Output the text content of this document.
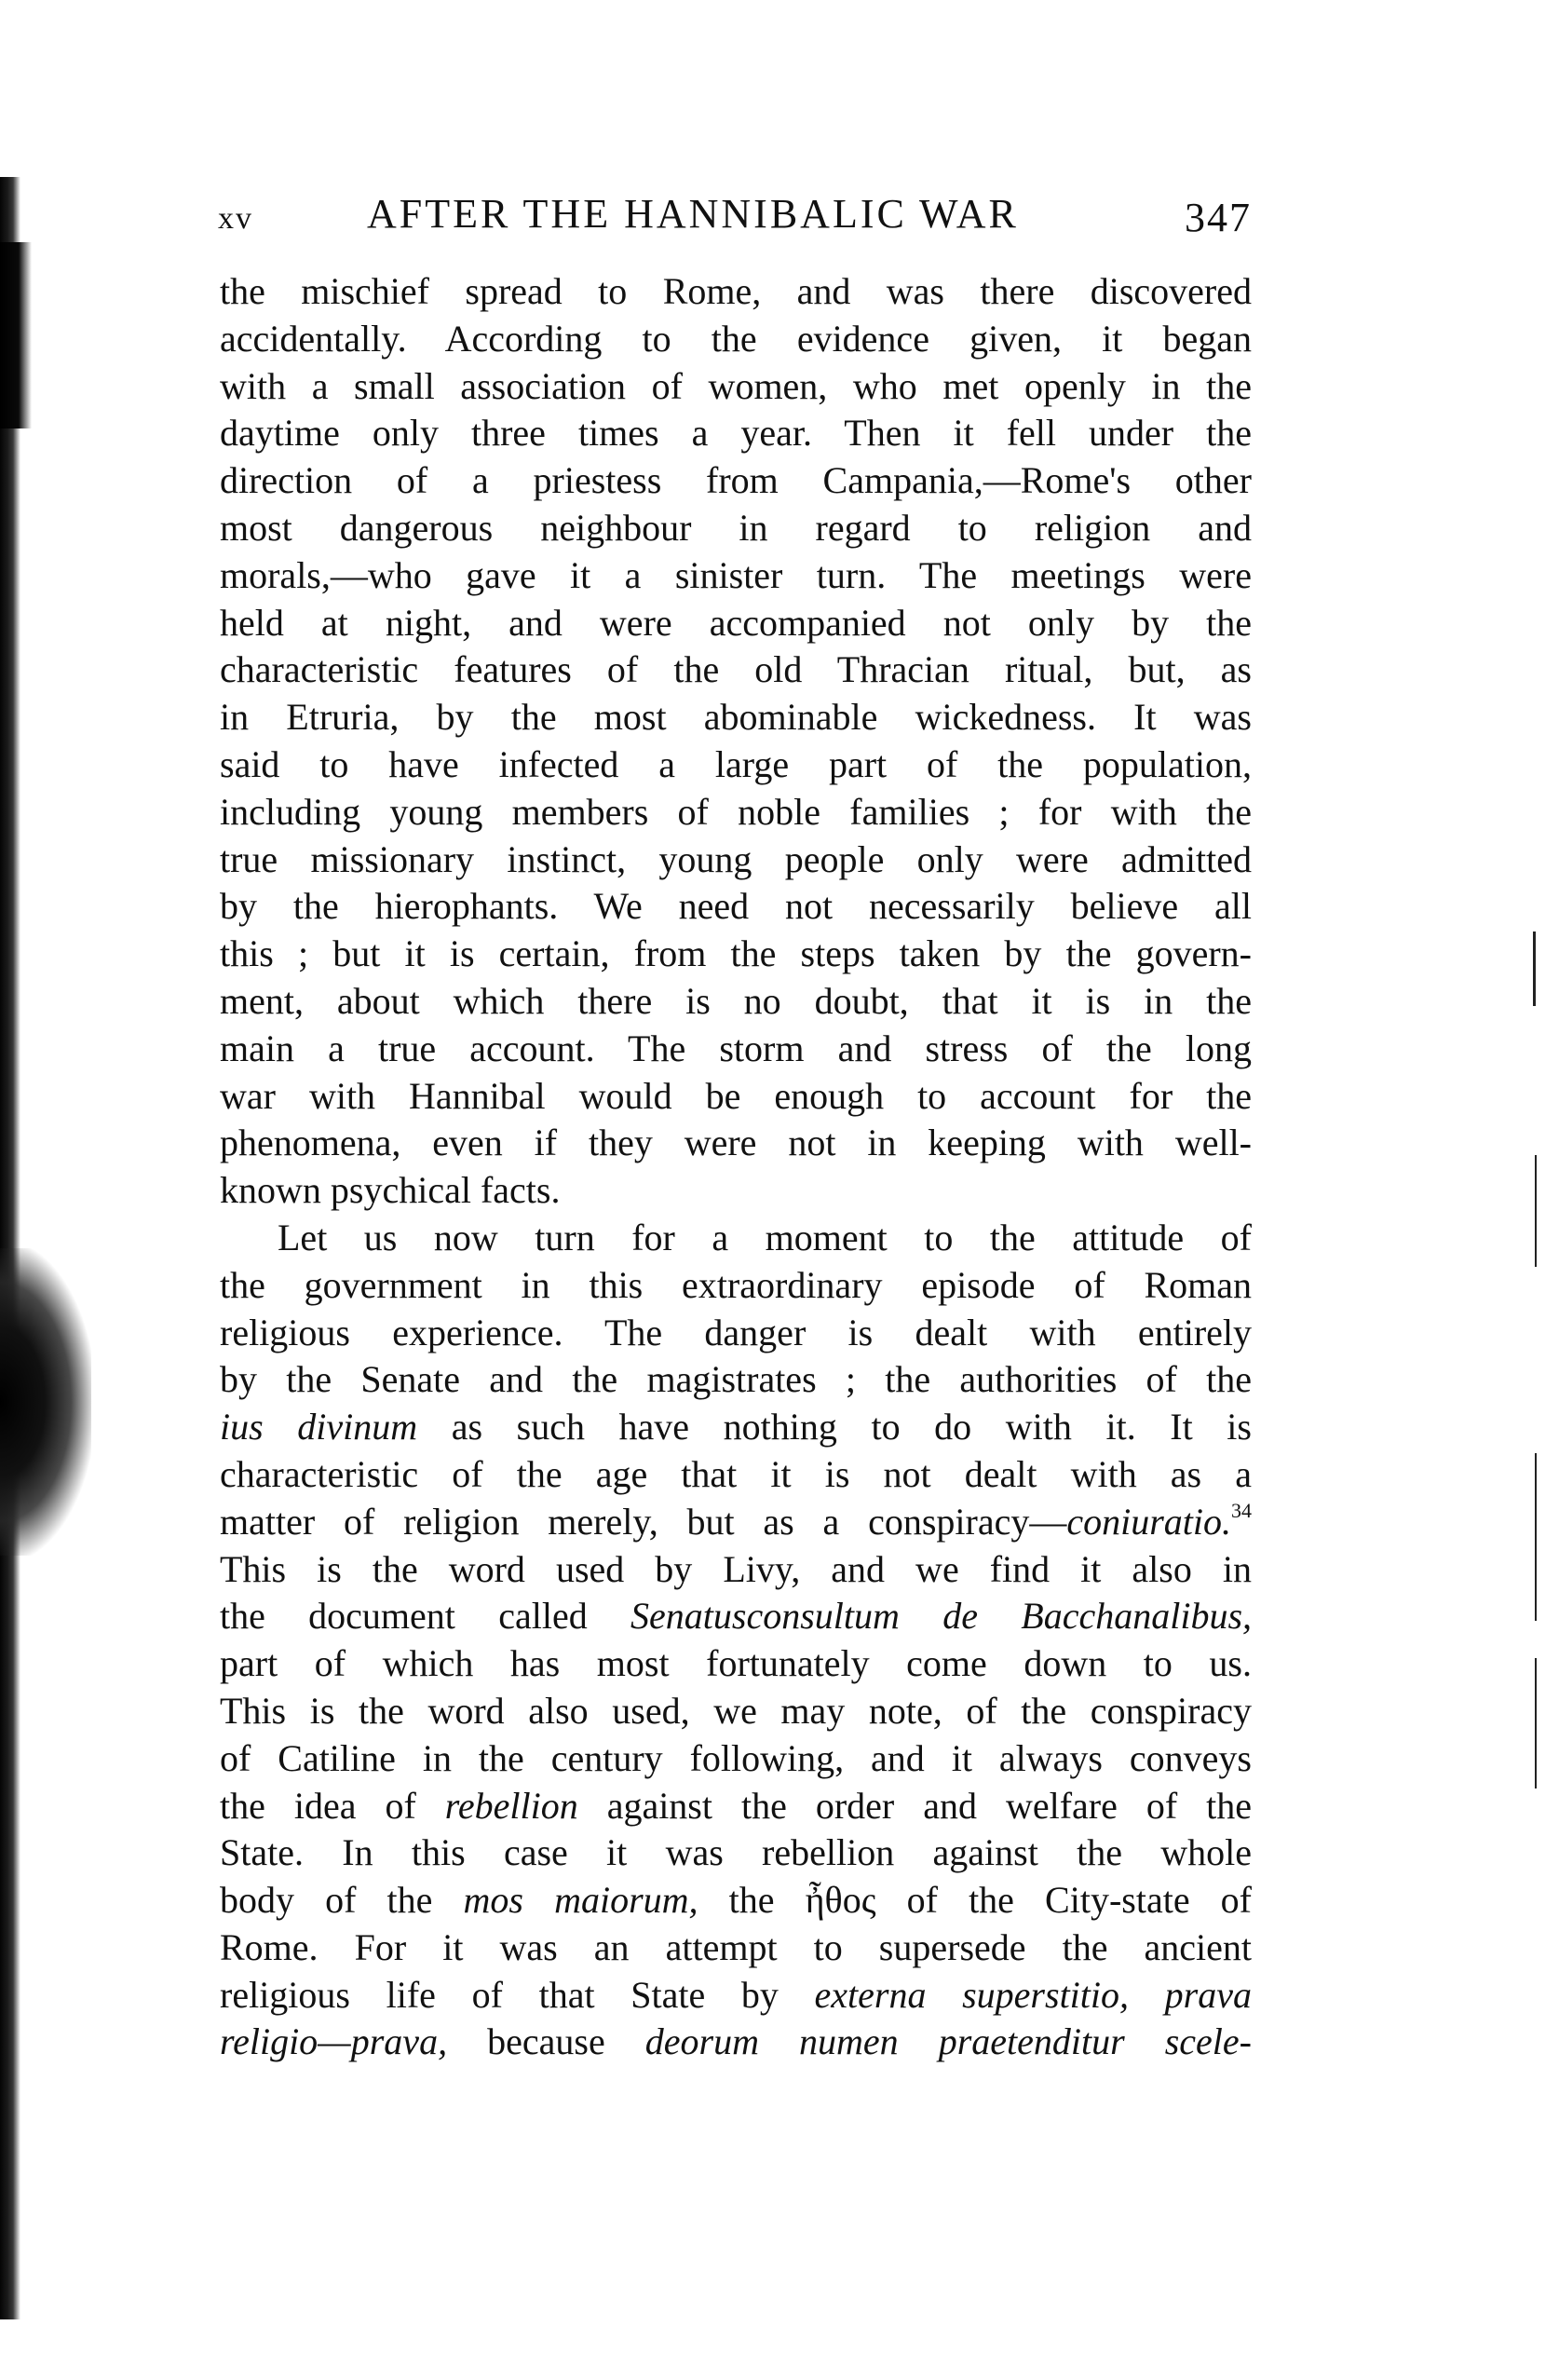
xv	AFTER THE HANNIBALIC WAR	347
the mischief spread to Rome, and was there discovered
accidentally. According to the evidence given, it began
with a small association of women, who met openly in the
daytime only three times a year. Then it fell under the
direction of a priestess from Campania,—Rome's other
most dangerous neighbour in regard to religion and
morals,—who gave it a sinister turn. The meetings were
held at night, and were accompanied not only by the
characteristic features of the old Thracian ritual, but, as
in Etruria, by the most abominable wickedness. It was
said to have infected a large part of the population,
including young members of noble families ; for with the
true missionary instinct, young people only were admitted
by the hierophants. We need not necessarily believe all
this ; but it is certain, from the steps taken by the govern-
ment, about which there is no doubt, that it is in the
main a true account. The storm and stress of the long
war with Hannibal would be enough to account for the
phenomena, even if they were not in keeping with well-
known psychical facts.
Let us now turn for a moment to the attitude of
the government in this extraordinary episode of Roman
religious experience. The danger is dealt with entirely
by the Senate and the magistrates ; the authorities of the
ius divinum as such have nothing to do with it. It is
characteristic of the age that it is not dealt with as a
matter of religion merely, but as a conspiracy—coniuratio.$^{34}$
This is the word used by Livy, and we find it also in
the document called Senatusconsultum de Bacchanalibus,
part of which has most fortunately come down to us.
This is the word also used, we may note, of the conspiracy
of Catiline in the century following, and it always conveys
the idea of rebellion against the order and welfare of the
State. In this case it was rebellion against the whole
body of the mos maiorum, the ἦθος of the City-state of
Rome. For it was an attempt to supersede the ancient
religious life of that State by externa superstitio, prava
religio—prava, because deorum numen praetenditur scele-
